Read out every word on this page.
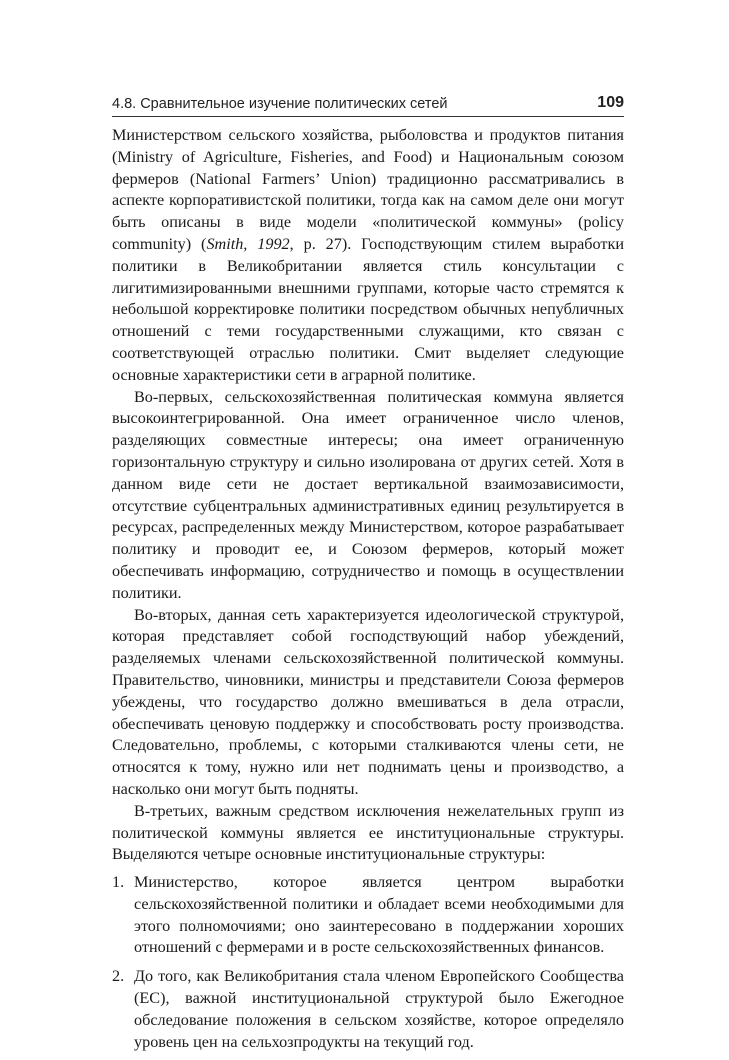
4.8. Сравнительное изучение политических сетей	109

Министерством сельского хозяйства, рыболовства и продуктов питания (Ministry of Agriculture, Fisheries, and Food) и Национальным союзом фермеров (National Farmers’ Union) традиционно рассматривались в аспекте корпоративистской политики, тогда как на самом деле они могут быть описаны в виде модели «политической коммуны» (policy community) (Smith, 1992, p. 27). Господствующим стилем выработки политики в Великобритании является стиль консультации с лигитимизированными внешними группами, которые часто стремятся к небольшой корректировке политики посредством обычных непубличных отношений с теми государственными служащими, кто связан с соответствующей отраслью политики. Смит выделяет следующие основные характеристики сети в аграрной политике.

Во-первых, сельскохозяйственная политическая коммуна является высокоинтегрированной. Она имеет ограниченное число членов, разделяющих совместные интересы; она имеет ограниченную горизонтальную структуру и сильно изолирована от других сетей. Хотя в данном виде сети не достает вертикальной взаимозависимости, отсутствие субцентральных административных единиц результируется в ресурсах, распределенных между Министерством, которое разрабатывает политику и проводит ее, и Союзом фермеров, который может обеспечивать информацию, сотрудничество и помощь в осуществлении политики.

Во-вторых, данная сеть характеризуется идеологической структурой, которая представляет собой господствующий набор убеждений, разделяемых членами сельскохозяйственной политической коммуны. Правительство, чиновники, министры и представители Союза фермеров убеждены, что государство должно вмешиваться в дела отрасли, обеспечивать ценовую поддержку и способствовать росту производства. Следовательно, проблемы, с которыми сталкиваются члены сети, не относятся к тому, нужно или нет поднимать цены и производство, а насколько они могут быть подняты.

В-третьих, важным средством исключения нежелательных групп из политической коммуны является ее институциональные структуры. Выделяются четыре основные институциональные структуры:

1. Министерство, которое является центром выработки сельскохозяйственной политики и обладает всеми необходимыми для этого полномочиями; оно заинтересовано в поддержании хороших отношений с фермерами и в росте сельскохозяйственных финансов.
2. До того, как Великобритания стала членом Европейского Сообщества (ЕС), важной институциональной структурой было Ежегодное обследование положения в сельском хозяйстве, которое определяло уровень цен на сельхозпродукты на текущий год.
